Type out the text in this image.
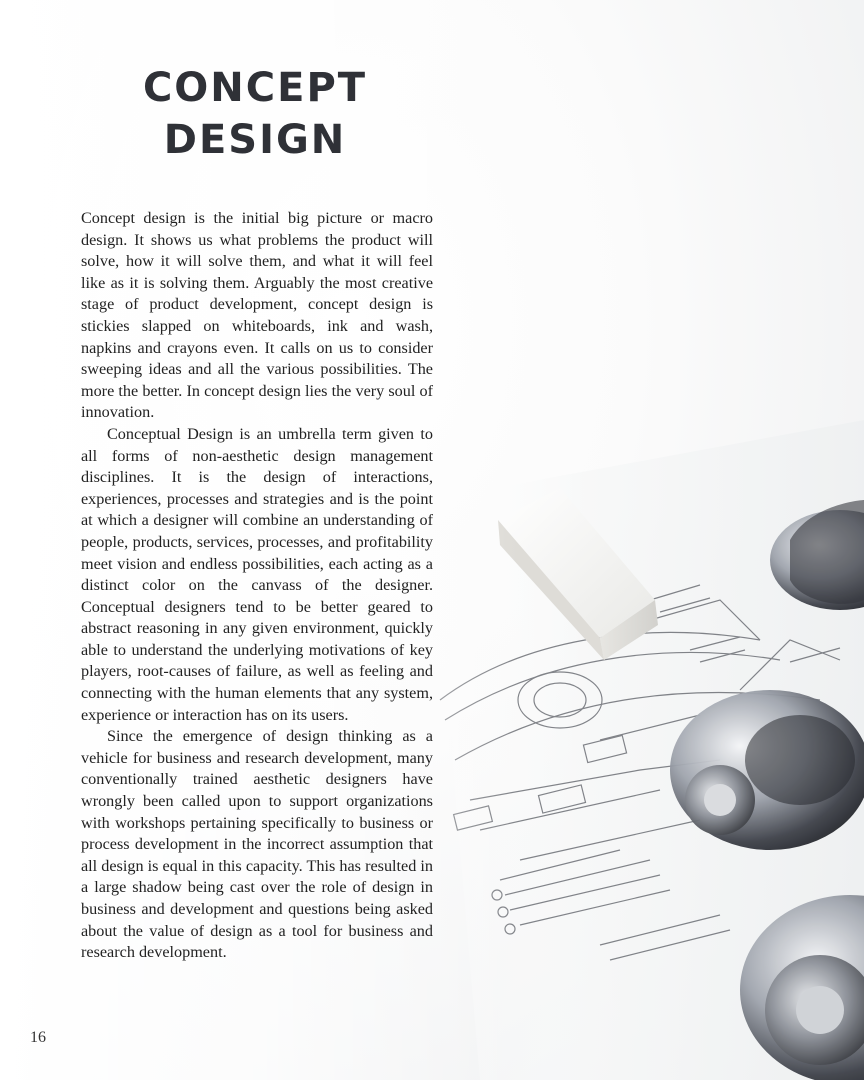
CONCEPT
DESIGN

Concept design is the initial big picture or macro design. It shows us what problems the product will solve, how it will solve them, and what it will feel like as it is solving them. Arguably the most creative stage of product development, concept design is stickies slapped on whiteboards, ink and wash, napkins and crayons even. It calls on us to consider sweeping ideas and all the various possibilities. The more the better. In concept design lies the very soul of innovation.

Conceptual Design is an umbrella term given to all forms of non-aesthetic design management disciplines. It is the design of interactions, experiences, processes and strategies and is the point at which a designer will combine an understanding of people, products, services, processes, and profitability meet vision and endless possibilities, each acting as a distinct color on the canvass of the designer. Conceptual designers tend to be better geared to abstract reasoning in any given environment, quickly able to understand the underlying motivations of key players, root-causes of failure, as well as feeling and connecting with the human elements that any system, experience or interaction has on its users.

Since the emergence of design thinking as a vehicle for business and research development, many conventionally trained aesthetic designers have wrongly been called upon to support organizations with workshops pertaining specifically to business or process development in the incorrect assumption that all design is equal in this capacity. This has resulted in a large shadow being cast over the role of design in business and development and questions being asked about the value of design as a tool for business and research development.

16
